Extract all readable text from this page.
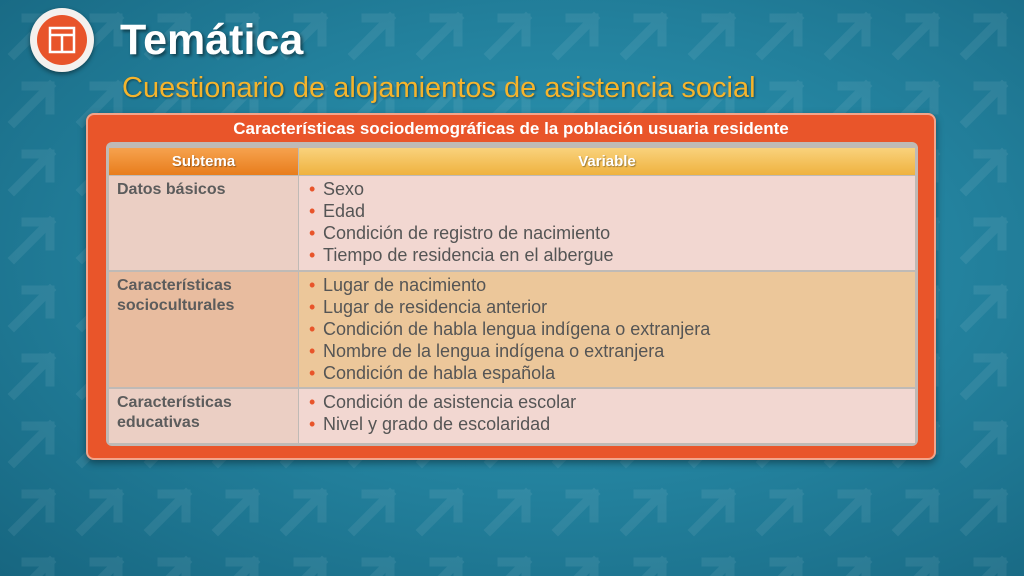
Temática
Cuestionario de alojamientos de asistencia social
Características sociodemográficas de la población usuaria residente
Subtema	Variable
Datos básicos
•	Sexo
• Edad
• Condición de registro de nacimiento
• Tiempo de residencia en el albergue
Características socioculturales
• Lugar de nacimiento
• Lugar de residencia anterior
• Condición de habla lengua indígena o extranjera
• Nombre de la lengua indígena o extranjera
• Condición de habla española
Características educativas
• Condición de asistencia escolar
• Nivel y grado de escolaridad
